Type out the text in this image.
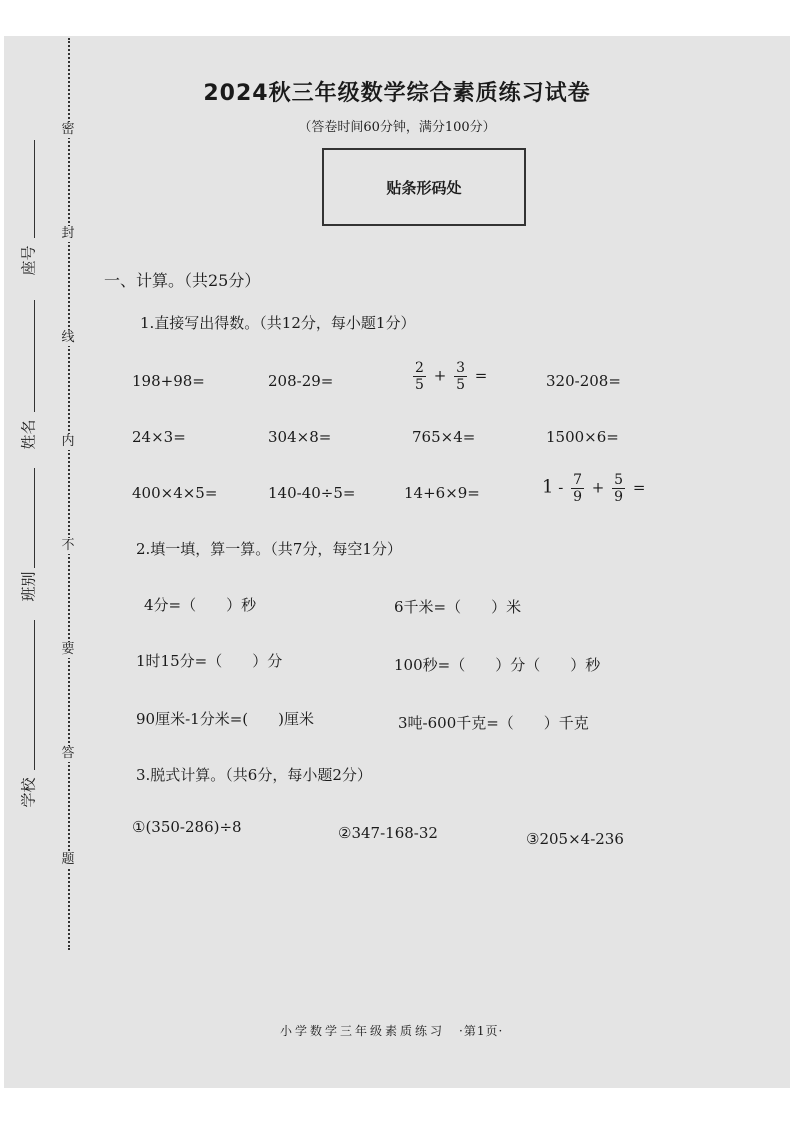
密
封
线
内
不
要
答
题
座号
姓名
班别
学校
2024秋三年级数学综合素质练习试卷
（答卷时间60分钟，满分100分）
贴条形码处
一、计算。（共25分）
1.直接写出得数。（共12分，每小题1分）
198+98=	208-29=	$\frac{2}{5} + \frac{3}{5}$ =	320-208=
24×3=	304×8=	765×4=	1500×6=
400×4×5=	140-40÷5=	14+6×9=	$1 - \frac{7}{9} + \frac{5}{9}$ =
2.填一填，算一算。（共7分，每空1分）
4分=（　　）秒	6千米=（　　）米
1时15分=（　　）分	100秒=（　　）分（　　）秒
90厘米-1分米=(　　)厘米	3吨-600千克=（　　）千克
3.脱式计算。（共6分，每小题2分）
①(350-286)÷8	②347-168-32	③205×4-236
小学数学三年级素质练习 ·第1页·
